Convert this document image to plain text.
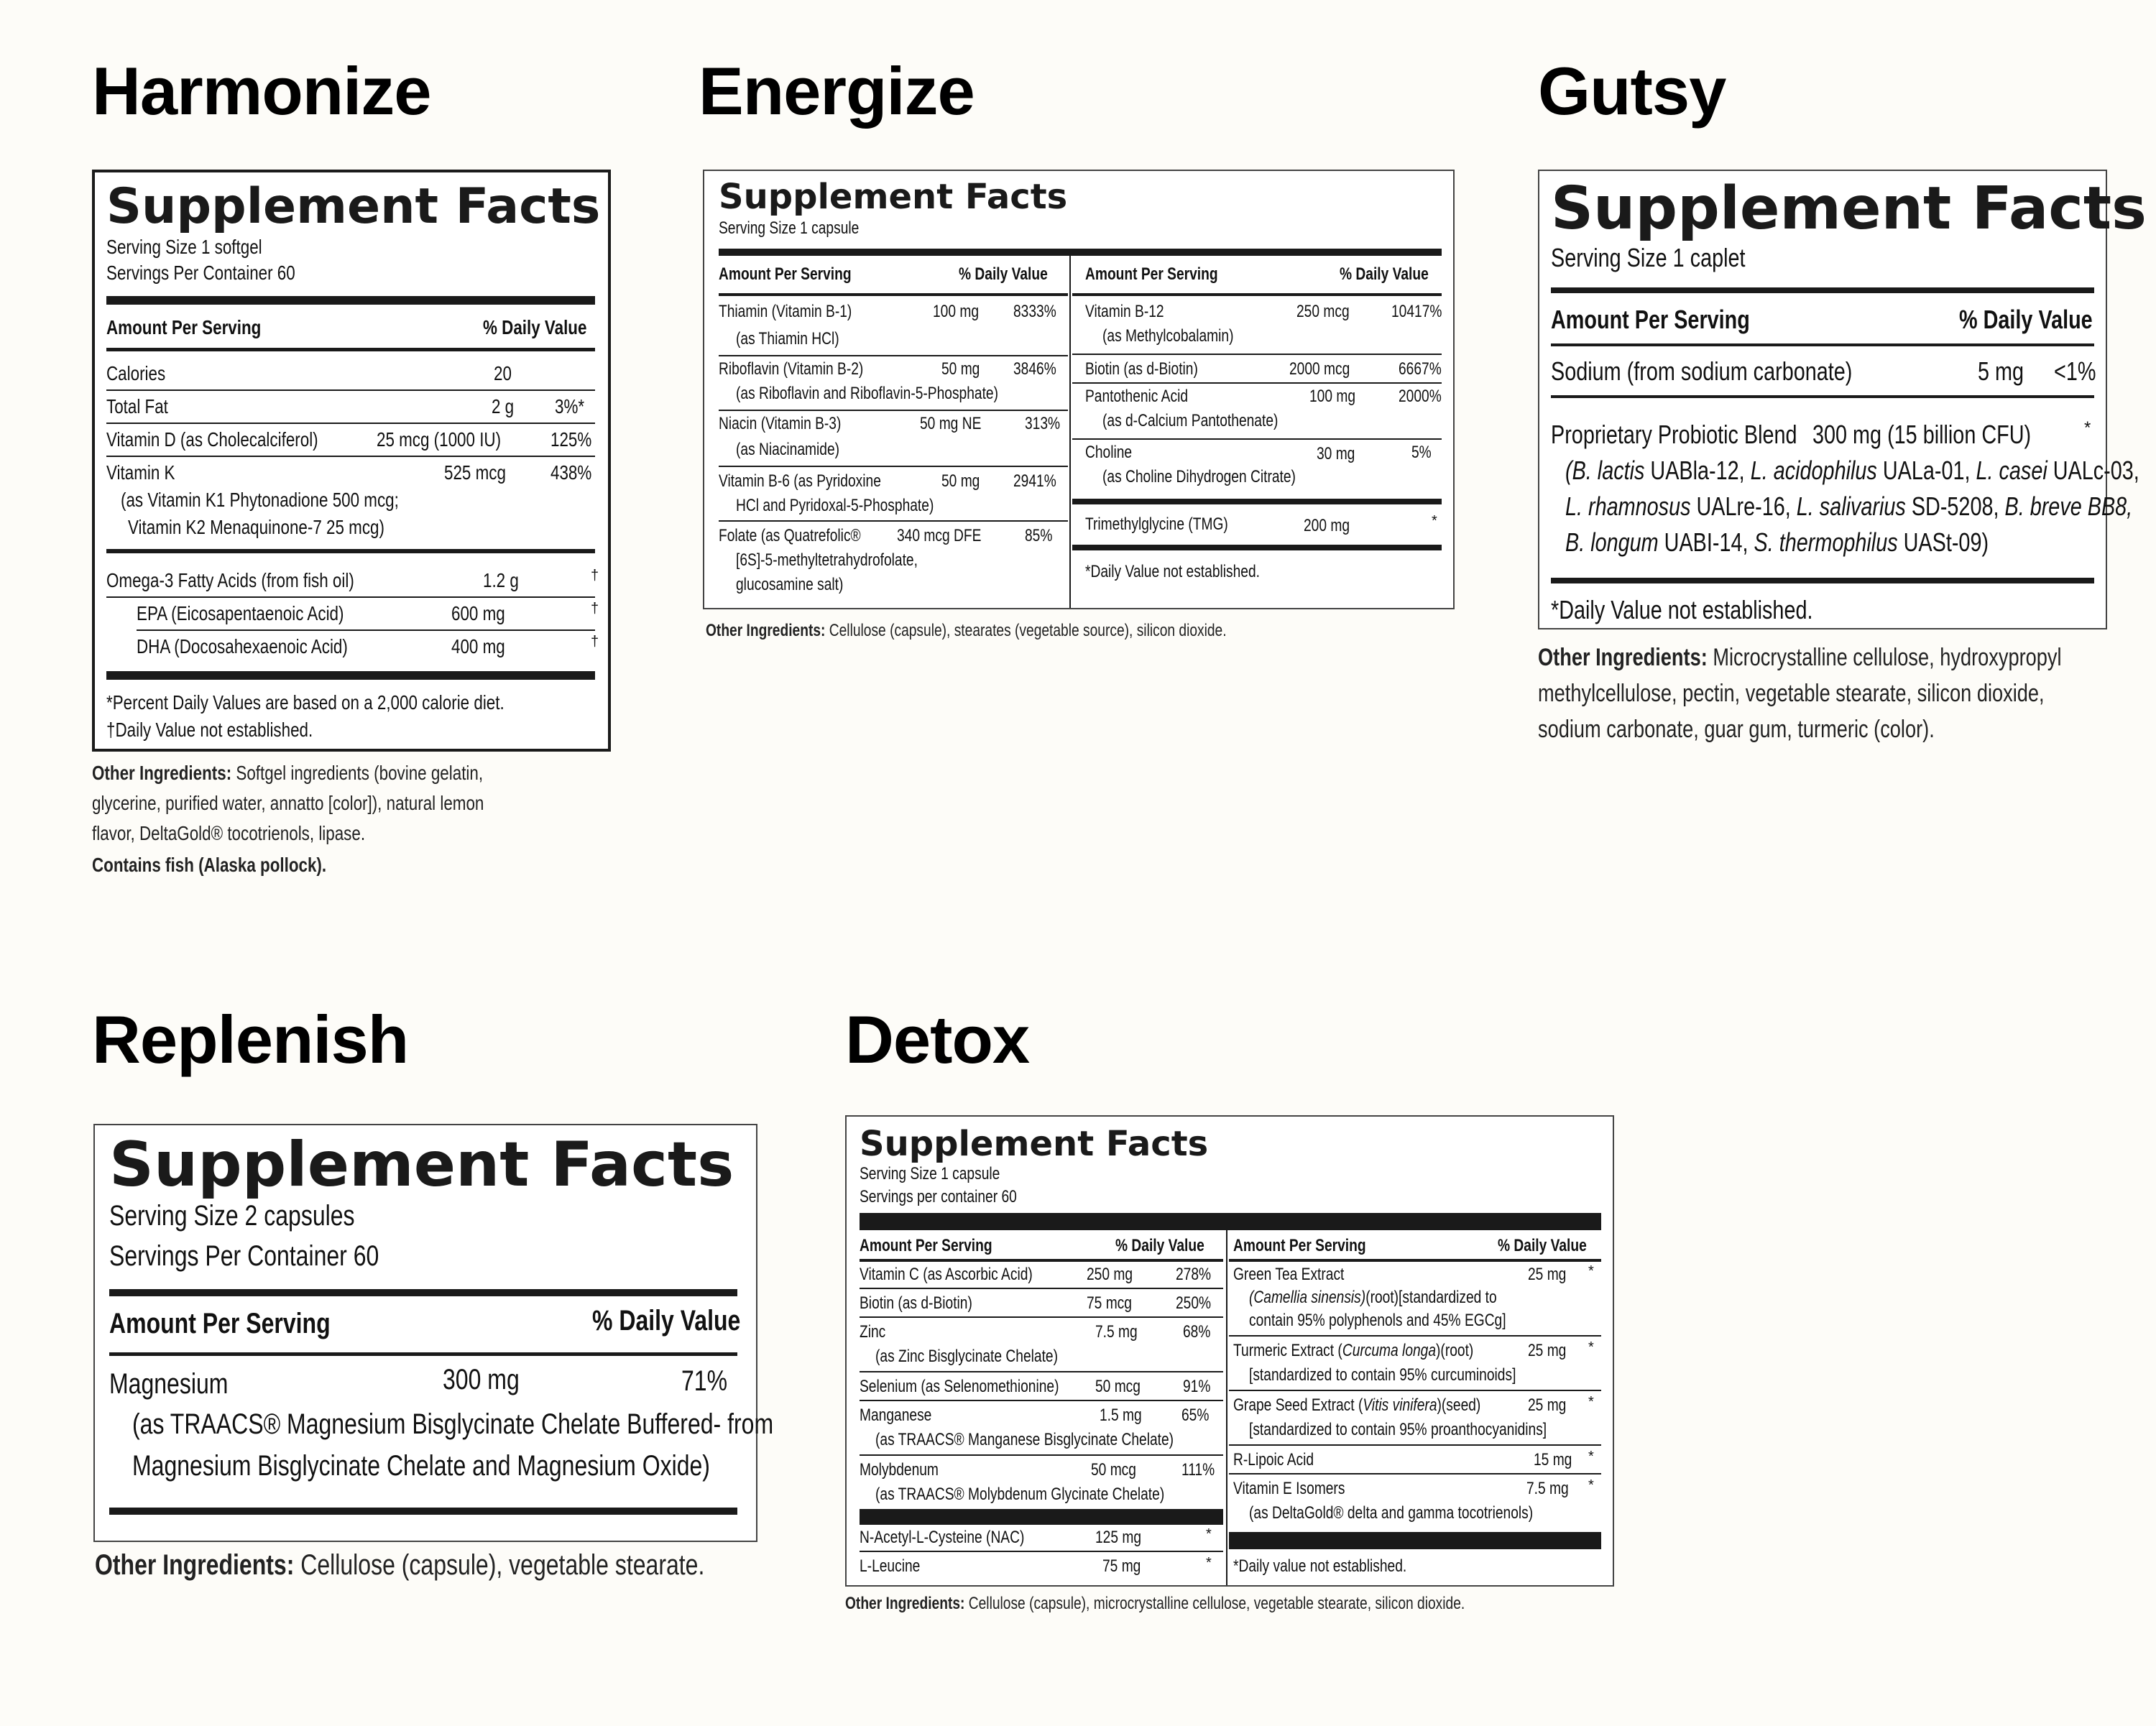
Harmonize
Supplement Facts
Serving Size 1 softgel
Servings Per Container 60
Amount Per Serving	% Daily Value
Calories	20
Total Fat	2 g 3%*
Vitamin D (as Cholecalciferol)	25 mcg (1000 IU)	125%
Vitamin K	525 mcg	438%
(as Vitamin K1 Phytonadione 500 mcg;
Vitamin K2 Menaquinone-7 25 mcg)
Omega-3 Fatty Acids (from fish oil)	1.2 g	†
EPA (Eicosapentaenoic Acid)	600 mg	†
DHA (Docosahexaenoic Acid)	400 mg	†
*Percent Daily Values are based on a 2,000 calorie diet.
†Daily Value not established.
Other Ingredients: Softgel ingredients (bovine gelatin,
glycerine, purified water, annatto [color]), natural lemon
flavor, DeltaGold® tocotrienols, lipase.
Contains fish (Alaska pollock).
Energize
Supplement Facts
Serving Size 1 capsule
Amount Per Serving	% Daily Value
Thiamin (Vitamin B-1)	100 mg	8333%
(as Thiamin HCl)
Riboflavin (Vitamin B-2)	50 mg	3846%
(as Riboflavin and Riboflavin-5-Phosphate)
Niacin (Vitamin B-3)	50 mg NE	313%
(as Niacinamide)
Vitamin B-6 (as Pyridoxine	50 mg	2941%
HCl and Pyridoxal-5-Phosphate)
Folate (as Quatrefolic®	340 mcg DFE	85%
[6S]-5-methyltetrahydrofolate,
glucosamine salt)
Amount Per Serving	% Daily Value
Vitamin B-12	250 mcg	10417%
(as Methylcobalamin)
Biotin (as d-Biotin)	2000 mcg	6667%
Pantothenic Acid	100 mg	2000%
(as d-Calcium Pantothenate)
Choline	30 mg	5%
(as Choline Dihydrogen Citrate)
Trimethylglycine (TMG)	200 mg	*
*Daily Value not established.
Other Ingredients: Cellulose (capsule), stearates (vegetable source), silicon dioxide.
Gutsy
Supplement Facts
Serving Size 1 caplet
Amount Per Serving	% Daily Value
Sodium (from sodium carbonate)	5 mg	<1%
Proprietary Probiotic Blend 300 mg (15 billion CFU)	*
(B. lactis UABla-12, L. acidophilus UALa-01, L. casei UALc-03,
L. rhamnosus UALre-16, L. salivarius SD-5208, B. breve BB8,
B. longum UABI-14, S. thermophilus UASt-09)
*Daily Value not established.
Other Ingredients: Microcrystalline cellulose, hydroxypropyl
methylcellulose, pectin, vegetable stearate, silicon dioxide,
sodium carbonate, guar gum, turmeric (color).
Replenish
Supplement Facts
Serving Size 2 capsules
Servings Per Container 60
Amount Per Serving	% Daily Value
Magnesium	300 mg	71%
(as TRAACS® Magnesium Bisglycinate Chelate Buffered- from
Magnesium Bisglycinate Chelate and Magnesium Oxide)
Other Ingredients: Cellulose (capsule), vegetable stearate.
Detox
Supplement Facts
Serving Size 1 capsule
Servings per container 60
Amount Per Serving	% Daily Value
Vitamin C (as Ascorbic Acid)	250 mg	278%
Biotin (as d-Biotin)	75 mcg	250%
Zinc	7.5 mg	68%
(as Zinc Bisglycinate Chelate)
Selenium (as Selenomethionine)	50 mcg	91%
Manganese	1.5 mg	65%
(as TRAACS® Manganese Bisglycinate Chelate)
Molybdenum	50 mcg	111%
(as TRAACS® Molybdenum Glycinate Chelate)
N-Acetyl-L-Cysteine (NAC)	125 mg	*
L-Leucine	75 mg	*
Amount Per Serving	% Daily Value
Green Tea Extract	25 mg	*
(Camellia sinensis)(root)[standardized to
contain 95% polyphenols and 45% EGCg]
Turmeric Extract (Curcuma longa)(root)	25 mg	*
[standardized to contain 95% curcuminoids]
Grape Seed Extract (Vitis vinifera)(seed)	25 mg	*
[standardized to contain 95% proanthocyanidins]
R-Lipoic Acid	15 mg	*
Vitamin E Isomers	7.5 mg	*
(as DeltaGold® delta and gamma tocotrienols)
*Daily value not established.
Other Ingredients: Cellulose (capsule), microcrystalline cellulose, vegetable stearate, silicon dioxide.
